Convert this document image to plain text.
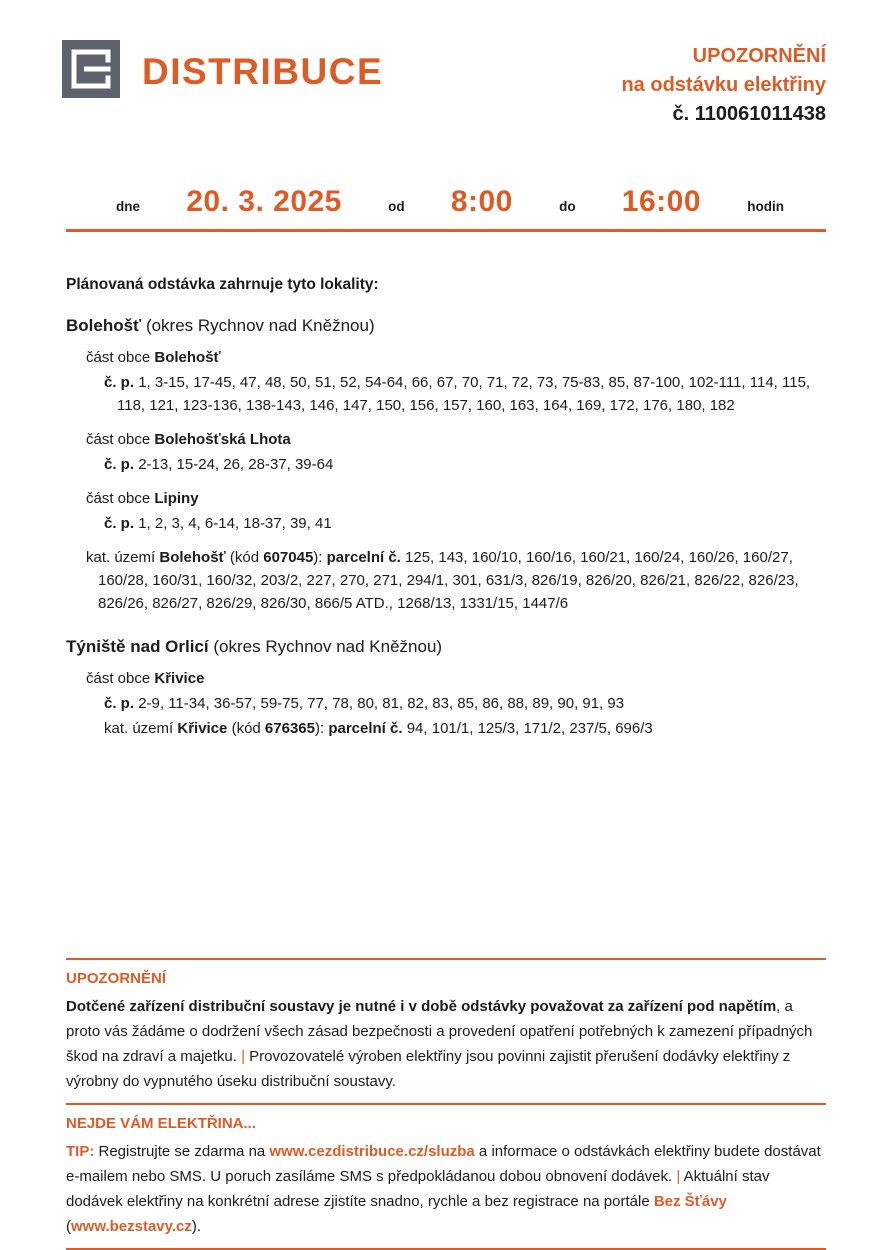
DISTRIBUCE	UPOZORNĚNÍ
na odstávku elektřiny
č. 110061011438
dne 20. 3. 2025	od 8:00	do 16:00	hodin
Plánovaná odstávka zahrnuje tyto lokality:
Bolehošť (okres Rychnov nad Kněžnou)

část obce Bolehošť

č. p. 1, 3-15, 17-45, 47, 48, 50, 51, 52, 54-64, 66, 67, 70, 71, 72, 73, 75-83, 85, 87-100, 102-111, 114, 115, 118, 121, 123-136, 138-143, 146, 147, 150, 156, 157, 160, 163, 164, 169, 172, 176, 180, 182

část obce Bolehošťská Lhota

č. p. 2-13, 15-24, 26, 28-37, 39-64

část obce Lipiny

č. p. 1, 2, 3, 4, 6-14, 18-37, 39, 41

kat. území Bolehošť (kód 607045): parcelní č. 125, 143, 160/10, 160/16, 160/21, 160/24, 160/26, 160/27, 160/28, 160/31, 160/32, 203/2, 227, 270, 271, 294/1, 301, 631/3, 826/19, 826/20, 826/21, 826/22, 826/23, 826/26, 826/27, 826/29, 826/30, 866/5 ATD., 1268/13, 1331/15, 1447/6

Týniště nad Orlicí (okres Rychnov nad Kněžnou)

část obce Křivice

č. p. 2-9, 11-34, 36-57, 59-75, 77, 78, 80, 81, 82, 83, 85, 86, 88, 89, 90, 91, 93

kat. území Křivice (kód 676365): parcelní č. 94, 101/1, 125/3, 171/2, 237/5, 696/3

UPOZORNĚNÍ

Dotčené zařízení distribuční soustavy je nutné i v době odstávky považovat za zařízení pod napětím, a proto vás žádáme o dodržení všech zásad bezpečnosti a provedení opatření potřebných k zamezení případných škod na zdraví a majetku. | Provozovatelé výroben elektřiny jsou povinni zajistit přerušení dodávky elektřiny z výrobny do vypnutého úseku distribuční soustavy.

NEJDE VÁM ELEKTŘINA...

TIP: Registrujte se zdarma na www.cezdistribuce.cz/sluzba a informace o odstávkách elektřiny budete dostávat e-mailem nebo SMS. U poruch zasíláme SMS s předpokládanou dobou obnovení dodávek. | Aktuální stav dodávek elektřiny na konkrétní adrese zjistíte snadno, rychle a bez registrace na portále Bez Šťávy (www.bezstavy.cz).
